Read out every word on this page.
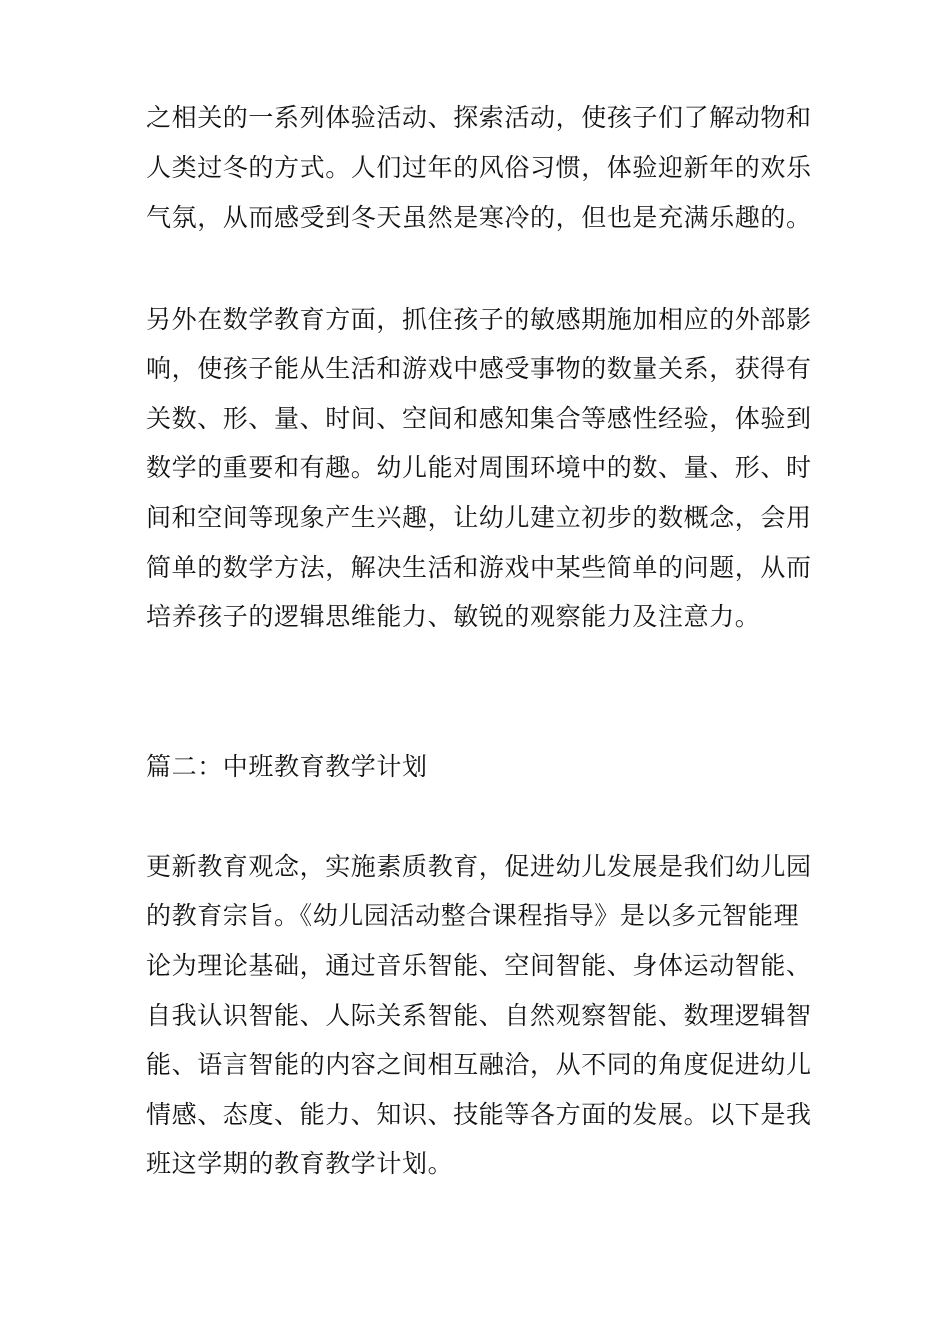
之相关的一系列体验活动、探索活动，使孩子们了解动物和
人类过冬的方式。人们过年的风俗习惯，体验迎新年的欢乐
气氛，从而感受到冬天虽然是寒冷的，但也是充满乐趣的。
另外在数学教育方面，抓住孩子的敏感期施加相应的外部影
响，使孩子能从生活和游戏中感受事物的数量关系，获得有
关数、形、量、时间、空间和感知集合等感性经验，体验到
数学的重要和有趣。幼儿能对周围环境中的数、量、形、时
间和空间等现象产生兴趣，让幼儿建立初步的数概念，会用
简单的数学方法，解决生活和游戏中某些简单的问题，从而
培养孩子的逻辑思维能力、敏锐的观察能力及注意力。
篇二：中班教育教学计划
更新教育观念，实施素质教育，促进幼儿发展是我们幼儿园
的教育宗旨。《幼儿园活动整合课程指导》是以多元智能理
论为理论基础，通过音乐智能、空间智能、身体运动智能、
自我认识智能、人际关系智能、自然观察智能、数理逻辑智
能、语言智能的内容之间相互融洽，从不同的角度促进幼儿
情感、态度、能力、知识、技能等各方面的发展。以下是我
班这学期的教育教学计划。
